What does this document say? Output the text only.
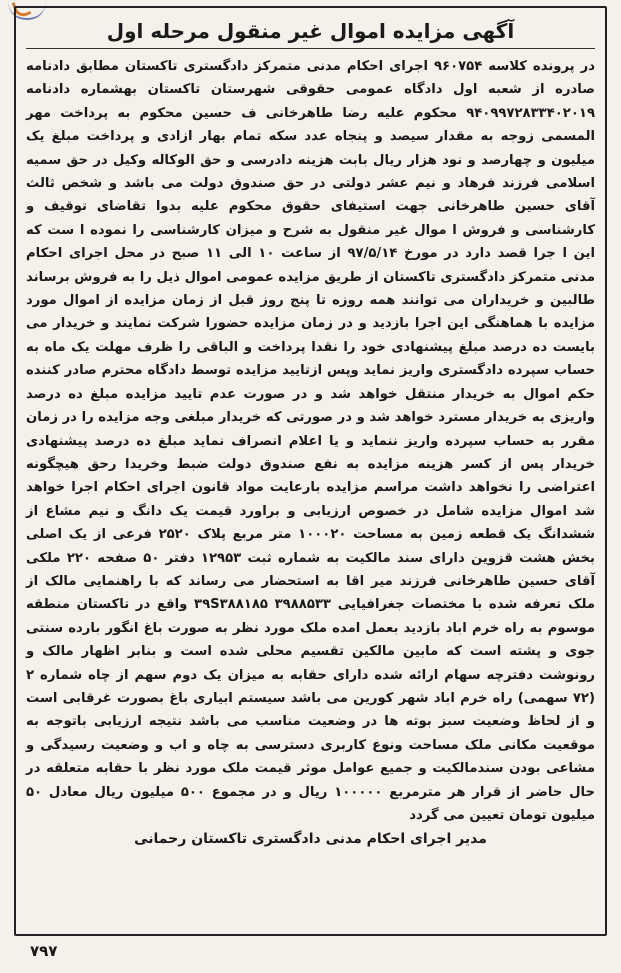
آگهی مزایده اموال غیر منقول مرحله اول

در پرونده کلاسه ۹۶۰۷۵۴ اجرای احکام مدنی متمرکز دادگستری تاکستان مطابق دادنامه صادره از شعبه اول دادگاه عمومی حقوقی شهرستان تاکستان بهشماره دادنامه ۹۴۰۹۹۷۲۸۳۳۴۰۲۰۱۹ محکوم علیه رضا طاهرخانی ف حسین محکوم به پرداخت مهر المسمی زوجه به مقدار سیصد و پنجاه عدد سکه تمام بهار ازادی و پرداخت مبلغ یک میلیون و چهارصد و نود هزار ریال بابت هزینه دادرسی و حق الوکاله وکیل در حق سمیه اسلامی فرزند فرهاد و نیم عشر دولتی در حق صندوق دولت می باشد و شخص ثالث آقای حسین طاهرخانی جهت استیفای حقوق محکوم علیه بدوا تقاضای توقیف و کارشناسی و فروش ا موال غیر منقول به شرح و میزان کارشناسی را نموده ا ست که این ا جرا قصد دارد در مورخ ۹۷/۵/۱۴ از ساعت ۱۰ الی ۱۱ صبح در محل اجرای احکام مدنی متمرکز دادگستری تاکستان از طریق مزایده عمومی اموال ذیل را به فروش برساند طالبین و خریداران می توانند همه روزه تا پنج روز قبل از زمان مزایده از اموال مورد مزایده با هماهنگی این اجرا بازدید و در زمان مزایده حضورا شرکت نمایند و خریدار می بایست ده درصد مبلغ پیشنهادی خود را نقدا پرداخت و الباقی را ظرف مهلت یک ماه به حساب سپرده دادگستری واریز نماید وپس ازتایید مزایده توسط دادگاه محترم صادر کننده حکم اموال به خریدار منتقل خواهد شد و در صورت عدم تایید مزایده مبلغ ده درصد واریزی به خریدار مسترد خواهد شد و در صورتی که خریدار مبلغی وجه مزایده را در زمان مقرر به حساب سپرده واریز ننماید و یا اعلام انصراف نماید مبلغ ده درصد پیشنهادی خریدار پس از کسر هزینه مزایده به نفع صندوق دولت ضبط وخریدا رحق هیچگونه اعتراضی را نخواهد داشت مراسم مزایده بارعایت مواد قانون اجرای احکام اجرا خواهد شد اموال مزایده شامل در خصوص ارزیابی و براورد قیمت یک دانگ و نیم مشاع از ششدانگ یک قطعه زمین به مساحت ۱۰۰۰۲۰ متر مربع پلاک ۲۵۲۰ فرعی از یک اصلی بخش هشت قزوین دارای سند مالکیت به شماره ثبت ۱۲۹۵۳ دفتر ۵۰ صفحه ۲۲۰ ملکی آقای حسین طاهرخانی فرزند میر اقا به استحضار می رساند که با راهنمایی مالک از ملک تعرفه شده با مختصات جغرافیایی ۳۹S۳۸۸۱۸۵ ۳۹۸۸۵۳۳ واقع در تاکستان منطقه موسوم به راه خرم اباد بازدید بعمل امده ملک مورد نظر به صورت باغ انگور بارده سنتی جوی و پشته است که مابین مالکین تقسیم محلی شده است و بنابر اظهار مالک و رونوشت دفترچه سهام ارائه شده دارای حقابه به میزان یک دوم سهم از چاه شماره ۲ (۷۲ سهمی) راه خرم اباد شهر کورین می باشد سیستم ابیاری باغ بصورت غرقابی است و از لحاظ وضعیت سبز بوته ها در وضعیت مناسب می باشد نتیجه ارزیابی باتوجه به موقعیت مکانی ملک مساحت ونوع کاربری دسترسی به چاه و اب و وضعیت رسیدگی و مشاعی بودن سندمالکیت و جمیع عوامل موثر قیمت ملک مورد نظر با حقابه متعلقه در حال حاضر از قرار هر مترمربع ۱۰۰۰۰۰ ریال و در مجموع ۵۰۰ میلیون ریال معادل ۵۰ میلیون تومان تعیین می گردد

مدیر اجرای احکام مدنی دادگستری تاکستان رحمانی
۷۹۷
